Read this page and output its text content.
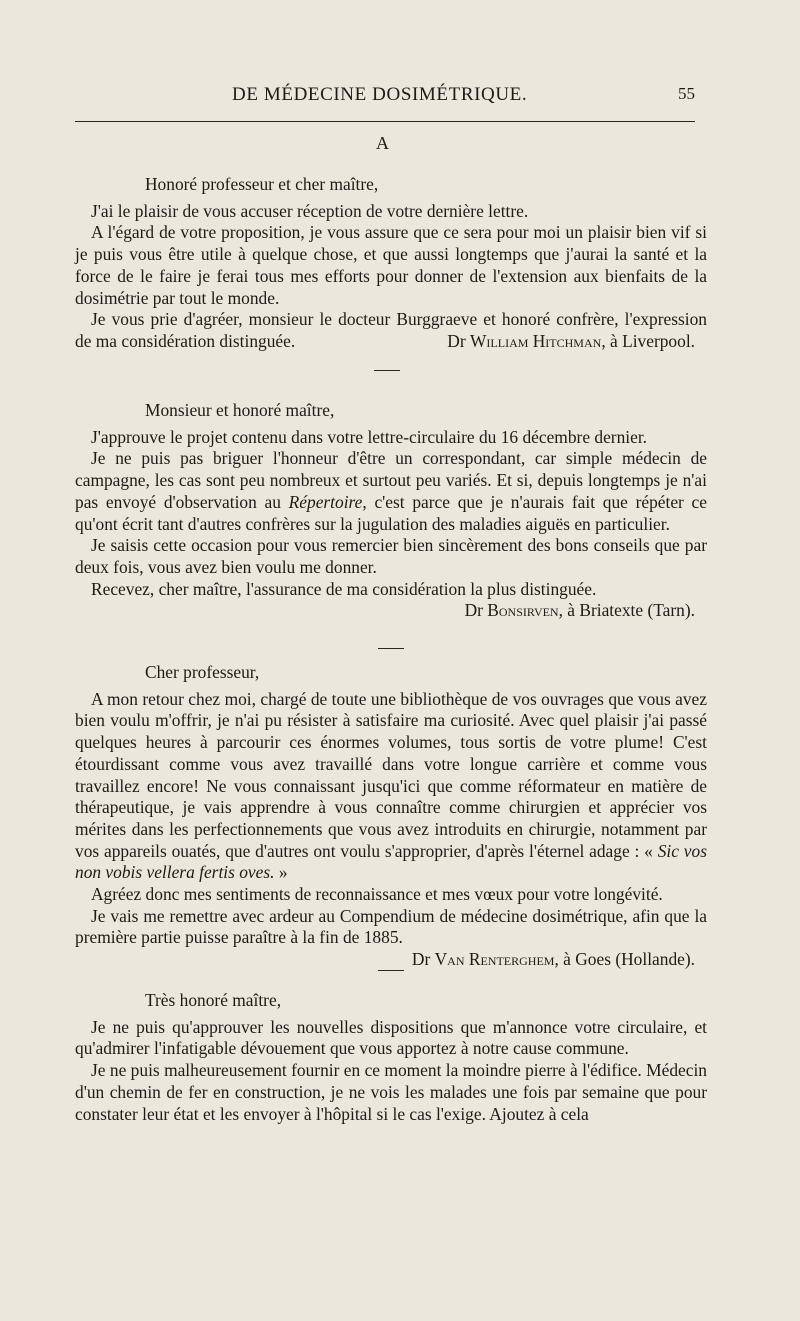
DE MÉDECINE DOSIMÉTRIQUE.	55
A

Honoré professeur et cher maître,

J'ai le plaisir de vous accuser réception de votre dernière lettre.

A l'égard de votre proposition, je vous assure que ce sera pour moi un plaisir bien vif si je puis vous être utile à quelque chose, et que aussi longtemps que j'aurai la santé et la force de le faire je ferai tous mes efforts pour donner de l'extension aux bienfaits de la dosimétrie par tout le monde.

Je vous prie d'agréer, monsieur le docteur Burggraeve et honoré confrère, l'expression de ma considération distinguée.	Dr William Hitchman, à Liverpool.

Monsieur et honoré maître,

J'approuve le projet contenu dans votre lettre-circulaire du 16 décembre dernier.

Je ne puis pas briguer l'honneur d'être un correspondant, car simple médecin de campagne, les cas sont peu nombreux et surtout peu variés. Et si, depuis longtemps je n'ai pas envoyé d'observation au Répertoire, c'est parce que je n'aurais fait que répéter ce qu'ont écrit tant d'autres confrères sur la jugulation des maladies aiguës en particulier.

Je saisis cette occasion pour vous remercier bien sincèrement des bons conseils que par deux fois, vous avez bien voulu me donner.

Recevez, cher maître, l'assurance de ma considération la plus distinguée.

Dr Bonsirven, à Briatexte (Tarn).

Cher professeur,

A mon retour chez moi, chargé de toute une bibliothèque de vos ouvrages que vous avez bien voulu m'offrir, je n'ai pu résister à satisfaire ma curiosité. Avec quel plaisir j'ai passé quelques heures à parcourir ces énormes volumes, tous sortis de votre plume! C'est étourdissant comme vous avez travaillé dans votre longue carrière et comme vous travaillez encore! Ne vous connaissant jusqu'ici que comme réformateur en matière de thérapeutique, je vais apprendre à vous connaître comme chirurgien et apprécier vos mérites dans les perfectionnements que vous avez introduits en chirurgie, notamment par vos appareils ouatés, que d'autres ont voulu s'approprier, d'après l'éternel adage : « Sic vos non vobis vellera fertis oves. »

Agréez donc mes sentiments de reconnaissance et mes vœux pour votre longévité.

Je vais me remettre avec ardeur au Compendium de médecine dosimétrique, afin que la première partie puisse paraître à la fin de 1885.

Dr Van Renterghem, à Goes (Hollande).

Très honoré maître,

Je ne puis qu'approuver les nouvelles dispositions que m'annonce votre circulaire, et qu'admirer l'infatigable dévouement que vous apportez à notre cause commune.

Je ne puis malheureusement fournir en ce moment la moindre pierre à l'édifice. Médecin d'un chemin de fer en construction, je ne vois les malades une fois par semaine que pour constater leur état et les envoyer à l'hôpital si le cas l'exige. Ajoutez à cela
